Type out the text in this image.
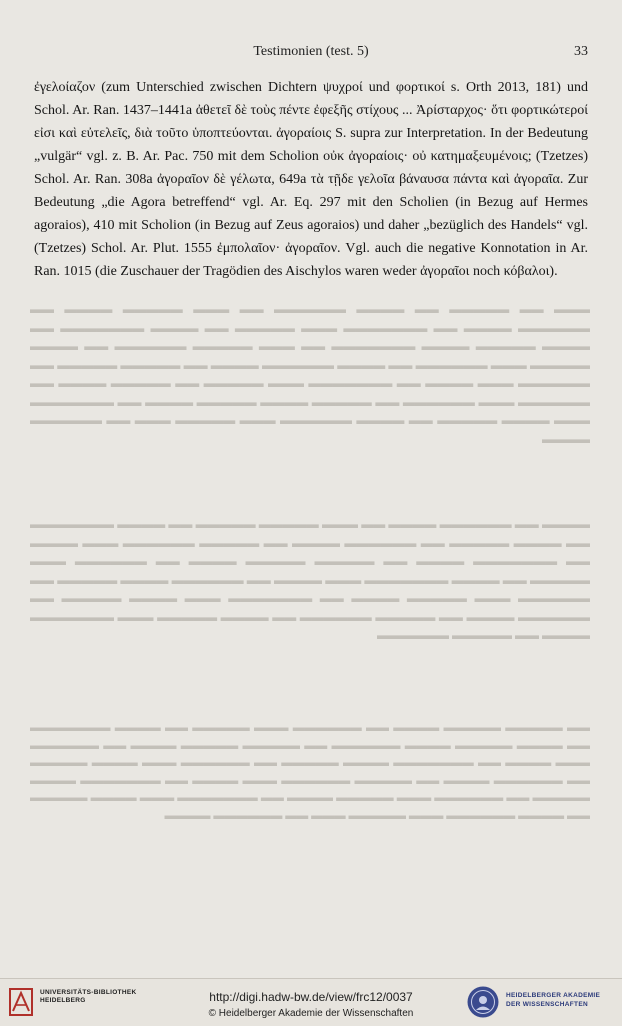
Testimonien (test. 5)	33

ἐγελοίαζον (zum Unterschied zwischen Dichtern ψυχροί und φορτικοί s. Orth 2013, 181) und Schol. Ar. Ran. 1437–1441a ἀθετεῖ δὲ τοὺς πέντε ἐφεξῆς στίχους ... Ἀρίσταρχος· ὅτι φορτικώτεροί εἰσι καὶ εὐτελεῖς, διὰ τοῦτο ὑποπτεύονται. ἀγοραίοις S. supra zur Interpretation. In der Bedeutung „vulgär“ vgl. z. B. Ar. Pac. 750 mit dem Scholion οὐκ ἀγοραίοις· οὐ κατημαξευμένοις; (Tzetzes) Schol. Ar. Ran. 308a ἀγοραῖον δὲ γέλωτα, 649a τὰ τῇδε γελοῖα βάναυσα πάντα καὶ ἀγοραῖα. Zur Bedeutung „die Agora betreffend“ vgl. Ar. Eq. 297 mit den Scholien (in Bezug auf Hermes agoraios), 410 mit Scholion (in Bezug auf Zeus agoraios) und daher „bezüglich des Handels“ vgl. (Tzetzes) Schol. Ar. Plut. 1555 ἐμπολαῖον· ἀγοραῖον. Vgl. auch die negative Konnotation in Ar. Ran. 1015 (die Zuschauer der Tragödien des Aischylos waren weder ἀγοραῖοι noch κόβαλοι).

▬▬▬ ▬▬ ▬▬▬▬▬ ▬▬ ▬▬▬▬ ▬▬▬▬▬▬ ▬▬ ▬▬▬ ▬▬▬▬▬ ▬▬▬▬ ▬▬ ▬▬▬▬▬▬ ▬▬▬▬ ▬▬ ▬▬▬▬▬▬▬ ▬▬▬ ▬▬▬▬▬ ▬▬ ▬▬▬▬ ▬▬▬▬▬▬▬ ▬▬ ▬▬▬▬ ▬▬▬▬▬ ▬▬▬▬ ▬▬▬▬▬▬▬ ▬▬ ▬▬▬ ▬▬▬▬▬ ▬▬▬▬▬▬ ▬▬ ▬▬▬▬ ▬▬▬▬▬ ▬▬▬ ▬▬▬▬▬▬ ▬▬ ▬▬▬▬ ▬▬▬▬▬▬ ▬▬▬▬ ▬▬ ▬▬▬▬▬ ▬▬▬▬▬ ▬▬ ▬▬▬▬▬▬ ▬▬▬ ▬▬▬▬ ▬▬ ▬▬▬▬▬▬▬ ▬▬▬ ▬▬▬▬▬ ▬▬ ▬▬▬▬▬ ▬▬▬▬ ▬▬ ▬▬▬▬▬▬ ▬▬▬ ▬▬▬▬▬▬ ▬▬ ▬▬▬▬▬ ▬▬▬▬ ▬▬▬▬▬ ▬▬▬▬ ▬▬ ▬▬▬▬▬▬▬ ▬▬▬ ▬▬▬▬ ▬▬▬▬▬ ▬▬ ▬▬▬▬ ▬▬▬▬▬▬ ▬▬▬ ▬▬▬▬▬ ▬▬▬ ▬▬ ▬▬▬▬▬▬ ▬▬▬▬

▬▬▬▬ ▬▬ ▬▬▬▬▬▬ ▬▬▬▬ ▬▬ ▬▬▬ ▬▬▬▬▬ ▬▬▬▬▬ ▬▬ ▬▬▬▬ ▬▬▬▬▬▬▬ ▬▬ ▬▬▬▬ ▬▬▬▬▬ ▬▬ ▬▬▬▬▬▬ ▬▬▬▬ ▬▬ ▬▬▬▬▬ ▬▬▬▬▬▬ ▬▬▬ ▬▬▬▬ ▬▬ ▬▬▬▬▬▬▬ ▬▬▬▬ ▬▬ ▬▬▬▬▬ ▬▬▬▬▬ ▬▬▬▬ ▬▬ ▬▬▬▬▬▬ ▬▬▬ ▬▬▬▬▬ ▬▬ ▬▬▬▬ ▬▬▬▬▬▬▬ ▬▬▬ ▬▬▬▬ ▬▬ ▬▬▬▬▬▬ ▬▬▬▬ ▬▬▬▬▬ ▬▬ ▬▬▬▬▬▬ ▬▬▬ ▬▬▬▬▬ ▬▬▬▬ ▬▬ ▬▬▬▬▬▬▬ ▬▬▬ ▬▬▬▬ ▬▬▬▬▬ ▬▬ ▬▬▬▬▬▬ ▬▬▬▬ ▬▬ ▬▬▬▬▬ ▬▬▬▬▬▬ ▬▬ ▬▬▬▬ ▬▬▬▬▬ ▬▬▬ ▬▬▬▬▬▬▬ ▬▬▬▬ ▬▬ ▬▬▬▬▬ ▬▬▬▬▬▬

▬▬ ▬▬▬▬▬ ▬▬▬▬▬ ▬▬▬▬ ▬▬ ▬▬▬▬▬▬ ▬▬▬ ▬▬▬▬▬ ▬▬ ▬▬▬▬ ▬▬▬▬▬▬▬ ▬▬ ▬▬▬▬ ▬▬▬▬▬ ▬▬▬▬ ▬▬▬▬▬▬ ▬▬ ▬▬▬▬▬ ▬▬▬▬▬ ▬▬▬▬ ▬▬ ▬▬▬▬▬▬ ▬▬▬ ▬▬▬▬ ▬▬ ▬▬▬▬▬▬▬ ▬▬▬▬ ▬▬▬▬▬ ▬▬ ▬▬▬▬▬▬ ▬▬▬ ▬▬▬▬ ▬▬▬▬▬ ▬▬ ▬▬▬▬▬▬ ▬▬▬▬ ▬▬ ▬▬▬▬▬ ▬▬▬▬▬▬ ▬▬▬ ▬▬▬▬ ▬▬ ▬▬▬▬▬▬▬ ▬▬▬▬ ▬▬▬▬▬ ▬▬ ▬▬▬▬▬▬ ▬▬▬ ▬▬▬▬▬ ▬▬▬▬ ▬▬ ▬▬▬▬▬▬▬ ▬▬▬ ▬▬▬▬ ▬▬▬▬▬ ▬▬ ▬▬▬▬ ▬▬▬▬▬▬ ▬▬▬ ▬▬▬▬▬ ▬▬▬ ▬▬ ▬▬▬▬▬▬ ▬▬▬▬

UNIVERSITÄTS-BIBLIOTHEK HEIDELBERG	http://digi.hadw-bw.de/view/frc12/0037
© Heidelberger Akademie der Wissenschaften
HEIDELBERGER AKADEMIE DER WISSENSCHAFTEN
